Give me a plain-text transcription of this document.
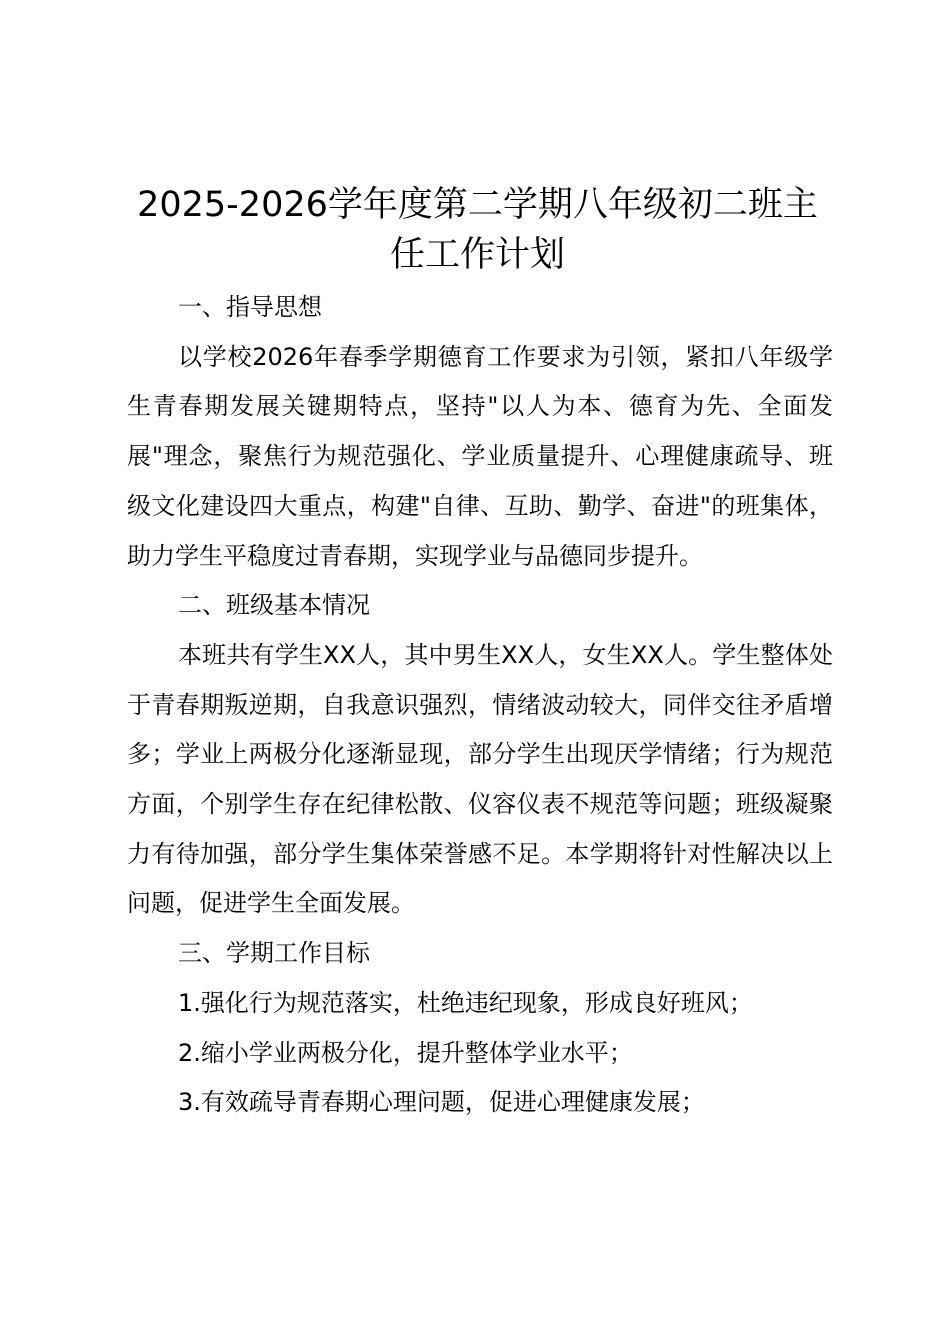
2025-2026学年度第二学期八年级初二班主任工作计划

一、指导思想

以学校2026年春季学期德育工作要求为引领，紧扣八年级学生青春期发展关键期特点，坚持"以人为本、德育为先、全面发展"理念，聚焦行为规范强化、学业质量提升、心理健康疏导、班级文化建设四大重点，构建"自律、互助、勤学、奋进"的班集体，助力学生平稳度过青春期，实现学业与品德同步提升。

二、班级基本情况

本班共有学生XX人，其中男生XX人，女生XX人。学生整体处于青春期叛逆期，自我意识强烈，情绪波动较大，同伴交往矛盾增多；学业上两极分化逐渐显现，部分学生出现厌学情绪；行为规范方面，个别学生存在纪律松散、仪容仪表不规范等问题；班级凝聚力有待加强，部分学生集体荣誉感不足。本学期将针对性解决以上问题，促进学生全面发展。

三、学期工作目标

1.强化行为规范落实，杜绝违纪现象，形成良好班风；

2.缩小学业两极分化，提升整体学业水平；

3.有效疏导青春期心理问题，促进心理健康发展；
